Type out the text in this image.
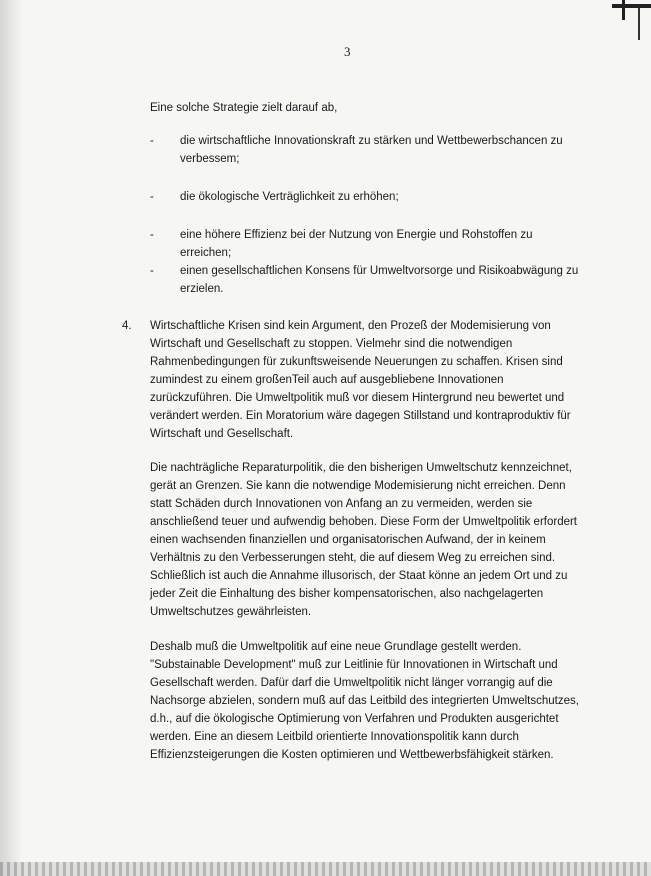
3
Eine solche Strategie zielt darauf ab,
-	die wirtschaftliche Innovationskraft zu stärken und Wettbewerbschancen zu verbessem;
-	die ökologische Verträglichkeit zu erhöhen;
-	eine höhere Effizienz bei der Nutzung von Energie und Rohstoffen zu erreichen;
-	einen gesellschaftlichen Konsens für Umweltvorsorge und Risikoabwägung zu erzielen.
4. Wirtschaftliche Krisen sind kein Argument, den Prozeß der Modemisierung von Wirtschaft und Gesellschaft zu stoppen. Vielmehr sind die notwendigen Rahmenbedingungen für zukunftsweisende Neuerungen zu schaffen. Krisen sind zumindest zu einem großenTeil auch auf ausgebliebene Innovationen zurückzuführen. Die Umweltpolitik muß vor diesem Hintergrund neu bewertet und verändert werden. Ein Moratorium wäre dagegen Stillstand und kontraproduktiv für Wirtschaft und Gesellschaft.

Die nachträgliche Reparaturpolitik, die den bisherigen Umweltschutz kennzeichnet, gerät an Grenzen. Sie kann die notwendige Modemisierung nicht erreichen. Denn statt Schäden durch Innovationen von Anfang an zu vermeiden, werden sie anschließend teuer und aufwendig behoben. Diese Form der Umweltpolitik erfordert einen wachsenden finanziellen und organisatorischen Aufwand, der in keinem Verhältnis zu den Verbesserungen steht, die auf diesem Weg zu erreichen sind. Schließlich ist auch die Annahme illusorisch, der Staat könne an jedem Ort und zu jeder Zeit die Einhaltung des bisher kompensatorischen, also nachgelagerten Umweltschutzes gewährleisten.

Deshalb muß die Umweltpolitik auf eine neue Grundlage gestellt werden. "Substainable Development" muß zur Leitlinie für Innovationen in Wirtschaft und Gesellschaft werden. Dafür darf die Umweltpolitik nicht länger vorrangig auf die Nachsorge abzielen, sondern muß auf das Leitbild des integrierten Umweltschutzes, d.h., auf die ökologische Optimierung von Verfahren und Produkten ausgerichtet werden. Eine an diesem Leitbild orientierte Innovationspolitik kann durch Effizienzsteigerungen die Kosten optimieren und Wettbewerbsfähigkeit stärken.
